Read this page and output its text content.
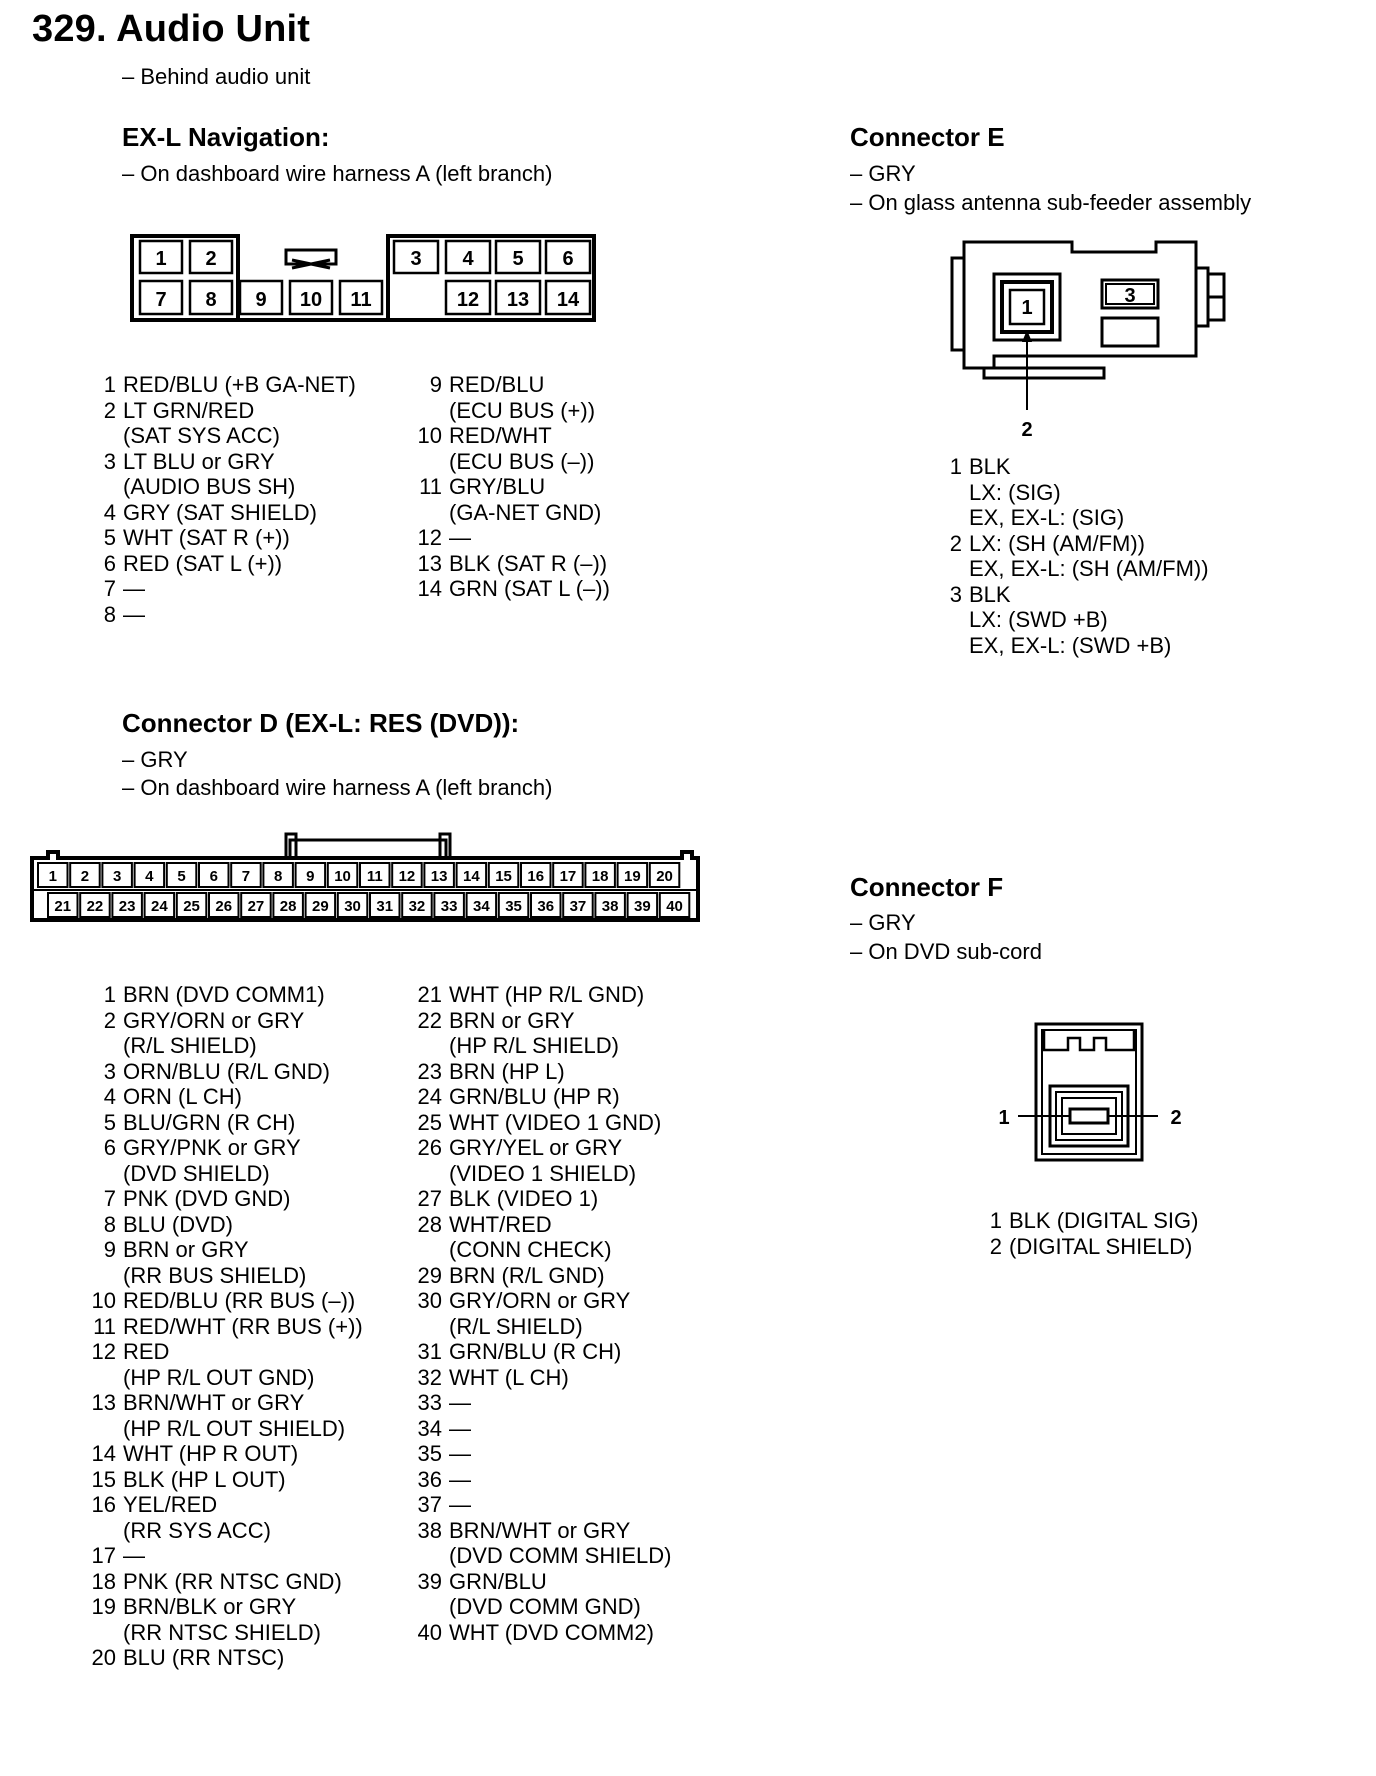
329. Audio Unit
– Behind audio unit
EX-L Navigation:
– On dashboard wire harness A (left branch)
1 2	3 4 5 6
7 8 9 10 11	12 13 14
1 RED/BLU (+B GA-NET)
2 LT GRN/RED
(SAT SYS ACC)
3 LT BLU or GRY
(AUDIO BUS SH)
4 GRY (SAT SHIELD)
5 WHT (SAT R (+))
6 RED (SAT L (+))
7 —
8 —
9 RED/BLU
(ECU BUS (+))
10 RED/WHT
(ECU BUS (–))
11 GRY/BLU
(GA-NET GND)
12 —
13 BLK (SAT R (–))
14 GRN (SAT L (–))
Connector D (EX-L: RES (DVD)):
– GRY
– On dashboard wire harness A (left branch)
1 2 3 4 5 6 7 8 9 10 11 12 13 14 15 16 17 18 19 20
21 22 23 24 25 26 27 28 29 30 31 32 33 34 35 36 37 38 39 40
1 BRN (DVD COMM1)
2 GRY/ORN or GRY
(R/L SHIELD)
3 ORN/BLU (R/L GND)
4 ORN (L CH)
5 BLU/GRN (R CH)
6 GRY/PNK or GRY
(DVD SHIELD)
7 PNK (DVD GND)
8 BLU (DVD)
9 BRN or GRY
(RR BUS SHIELD)
10 RED/BLU (RR BUS (–))
11 RED/WHT (RR BUS (+))
12 RED
(HP R/L OUT GND)
13 BRN/WHT or GRY
(HP R/L OUT SHIELD)
14 WHT (HP R OUT)
15 BLK (HP L OUT)
16 YEL/RED
(RR SYS ACC)
17 —
18 PNK (RR NTSC GND)
19 BRN/BLK or GRY
(RR NTSC SHIELD)
20 BLU (RR NTSC)
21 WHT (HP R/L GND)
22 BRN or GRY
(HP R/L SHIELD)
23 BRN (HP L)
24 GRN/BLU (HP R)
25 WHT (VIDEO 1 GND)
26 GRY/YEL or GRY
(VIDEO 1 SHIELD)
27 BLK (VIDEO 1)
28 WHT/RED
(CONN CHECK)
29 BRN (R/L GND)
30 GRY/ORN or GRY
(R/L SHIELD)
31 GRN/BLU (R CH)
32 WHT (L CH)
33 —
34 —
35 —
36 —
37 —
38 BRN/WHT or GRY
(DVD COMM SHIELD)
39 GRN/BLU
(DVD COMM GND)
40 WHT (DVD COMM2)
Connector E
– GRY
– On glass antenna sub-feeder assembly
1
3
2
1 BLK
LX: (SIG)
EX, EX-L: (SIG)
2 LX: (SH (AM/FM))
EX, EX-L: (SH (AM/FM))
3 BLK
LX: (SWD +B)
EX, EX-L: (SWD +B)
Connector F
– GRY
– On DVD sub-cord
1	2
1 BLK (DIGITAL SIG)
2 (DIGITAL SHIELD)
